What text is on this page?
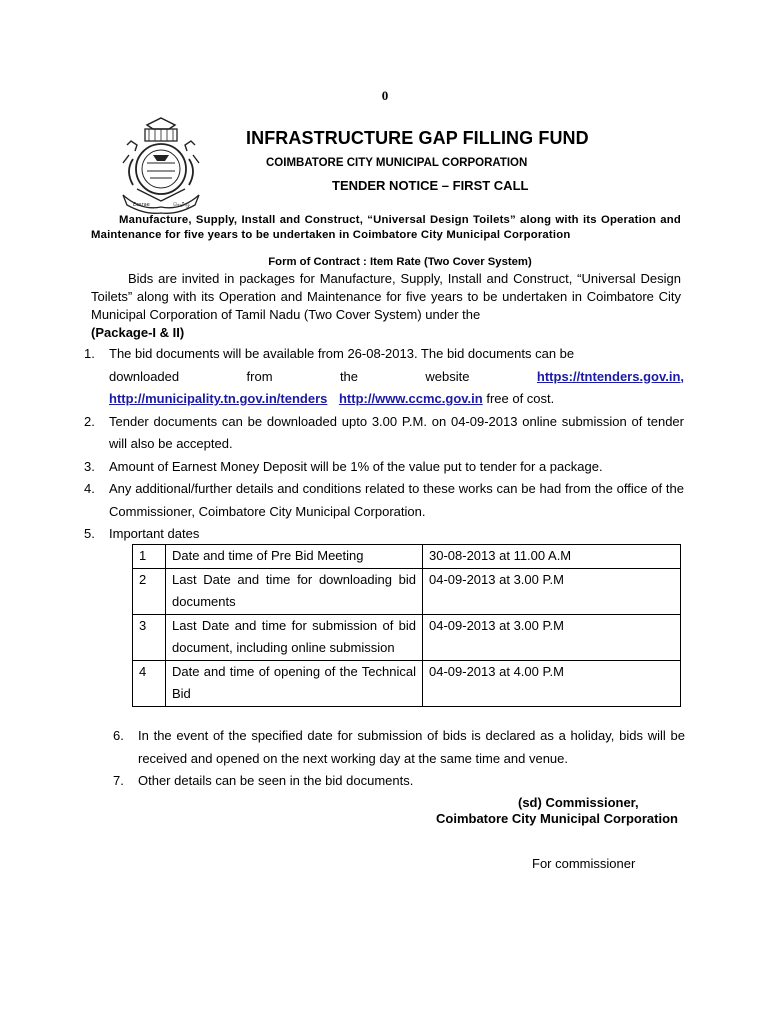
0
Ecsrae	செழிழு
INFRASTRUCTURE GAP FILLING FUND
COIMBATORE CITY MUNICIPAL CORPORATION
TENDER NOTICE – FIRST CALL
Manufacture, Supply, Install and Construct, “Universal Design Toilets” along with its Operation and Maintenance for five years to be undertaken in Coimbatore City Municipal Corporation
Form of Contract : Item Rate (Two Cover System)
Bids are invited in packages for Manufacture, Supply, Install and Construct, “Universal Design Toilets” along with its Operation and Maintenance for five years to be undertaken in Coimbatore City Municipal Corporation of Tamil Nadu (Two Cover System) under the
(Package-I & II)
1. The bid documents will be available from 26-08-2013. The bid documents can be
downloaded	from	the	website	https://tntenders.gov.in,
http://municipality.tn.gov.in/tenders http://www.ccmc.gov.in free of cost.
2. Tender documents can be downloaded upto 3.00 P.M. on 04-09-2013 online submission of tender will also be accepted.
3. Amount of Earnest Money Deposit will be 1% of the value put to tender for a package.
4. Any additional/further details and conditions related to these works can be had from the office of the Commissioner, Coimbatore City Municipal Corporation.
5. Important dates
1	Date and time of Pre Bid Meeting	30-08-2013 at 11.00 A.M
2	Last Date and time for downloading bid documents	04-09-2013 at 3.00 P.M
3	Last Date and time for submission of bid document, including online submission	04-09-2013 at 3.00 P.M
4	Date and time of opening of the Technical Bid	04-09-2013 at 4.00 P.M
6. In the event of the specified date for submission of bids is declared as a holiday, bids will be received and opened on the next working day at the same time and venue.
7. Other details can be seen in the bid documents.
(sd) Commissioner,
Coimbatore City Municipal Corporation
For commissioner
